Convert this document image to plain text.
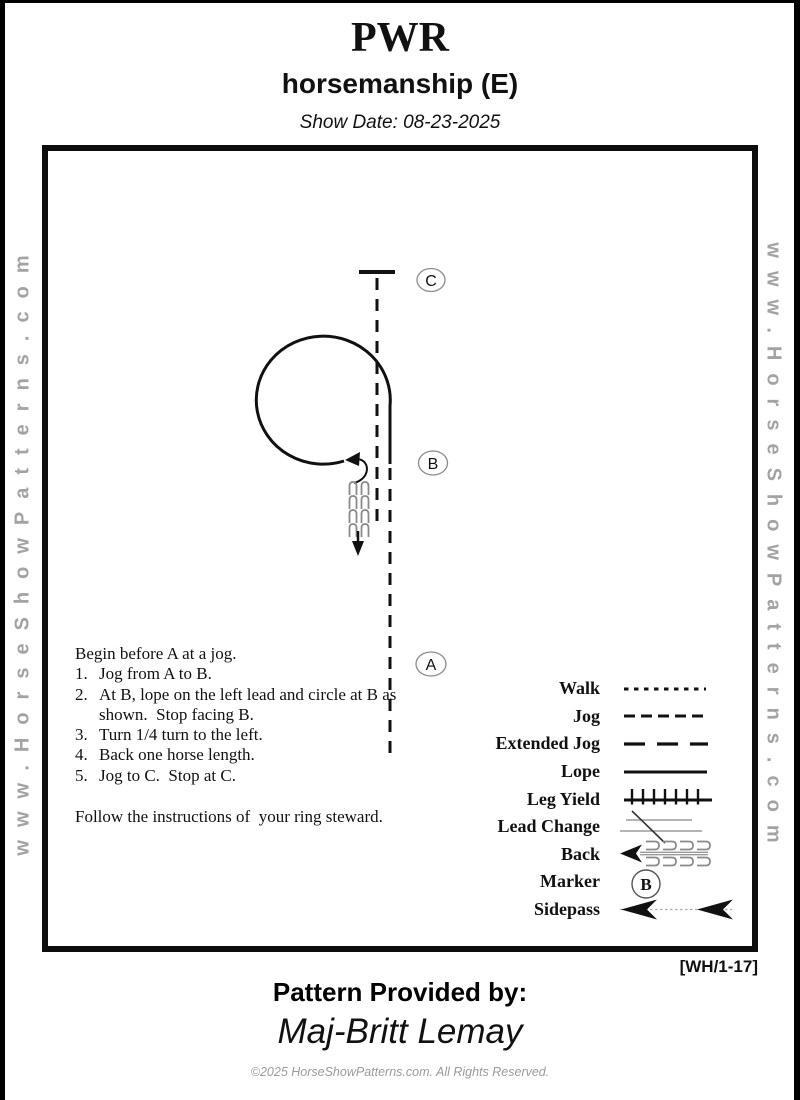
PWR
horsemanship (E)
Show Date: 08-23-2025
www.HorseShowPatterns.com	www.HorseShowPatterns.com
C
B
A
Begin before A at a jog.
1. Jog from A to B.
2. At B, lope on the left lead and circle at B as shown.  Stop facing B.
3. Turn 1/4 turn to the left.
4. Back one horse length.
5. Jog to C.  Stop at C.
Follow the instructions of  your ring steward.
Walk
Jog
Extended Jog
Lope
Leg Yield
Lead Change
Back
Marker B
Sidepass
[WH/1-17]
Pattern Provided by:
Maj-Britt Lemay
©2025 HorseShowPatterns.com. All Rights Reserved.
